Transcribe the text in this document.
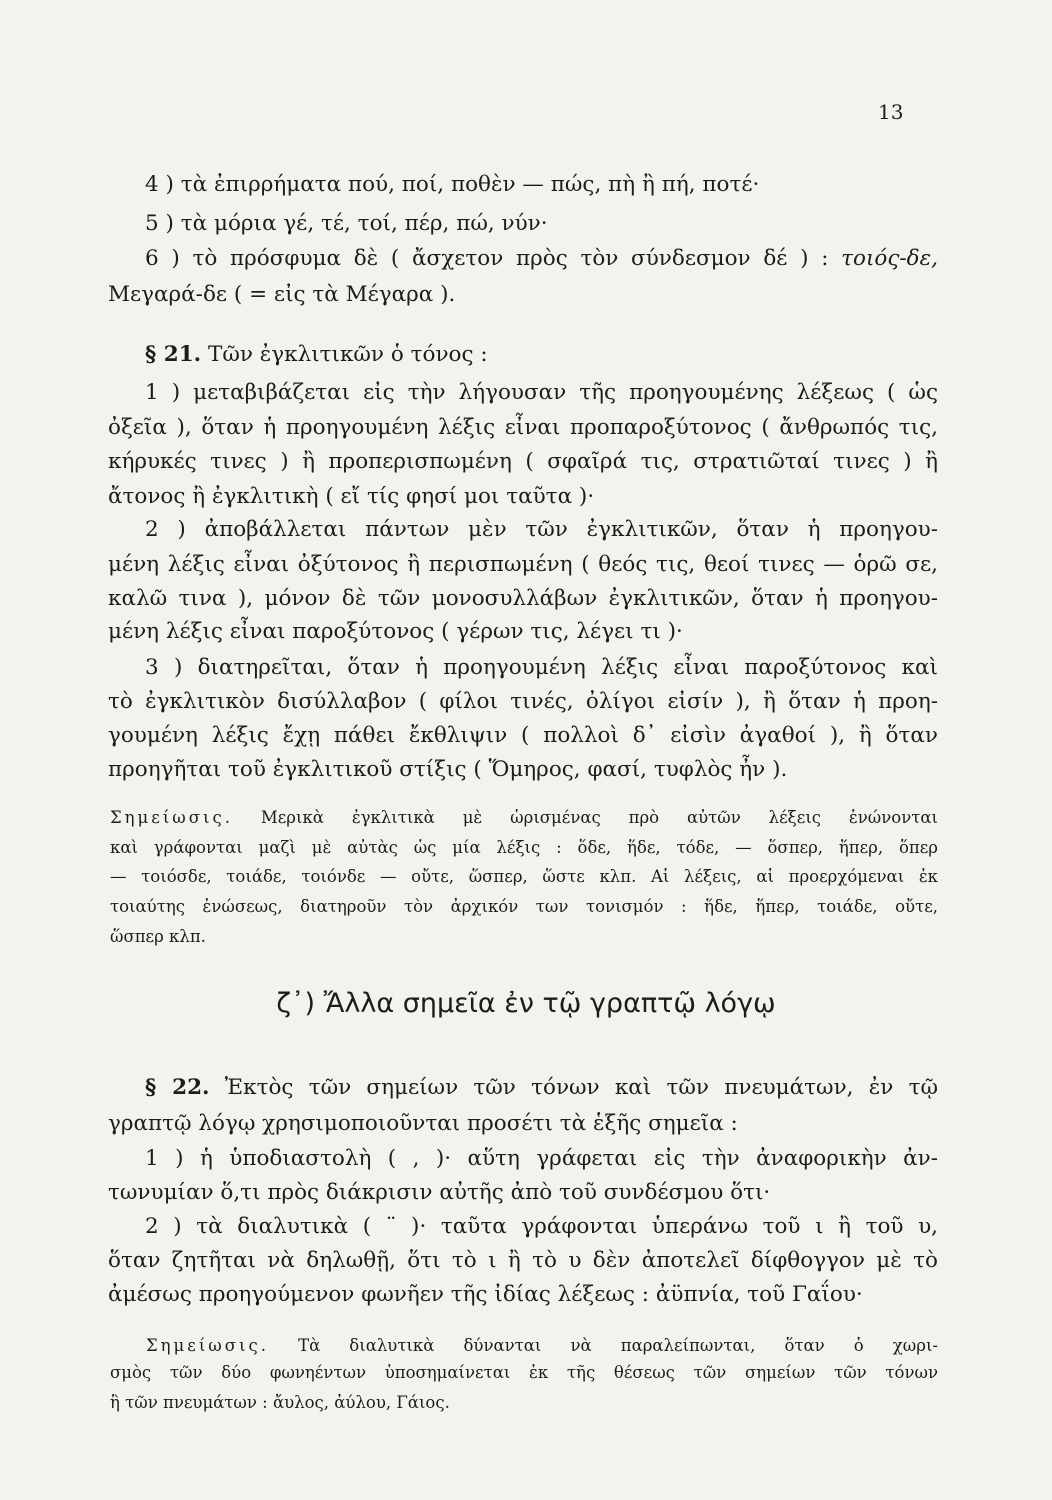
13
4 ) τὰ ἐπιρρήματα πού, ποί, ποθὲν — πώς, πὴ ἢ πή, ποτέ·
5 ) τὰ μόρια γέ, τέ, τοί, πέρ, πώ, νύν·
6 ) τὸ πρόσφυμα δὲ ( ἄσχετον πρὸς τὸν σύνδεσμον δέ ) : τοιός-δε,
Μεγαρά-δε ( = εἰς τὰ Μέγαρα ).
§ 21. Τῶν ἐγκλιτικῶν ὁ τόνος :
1 ) μεταβιβάζεται εἰς τὴν λήγουσαν τῆς προηγουμένης λέξεως ( ὡς
ὀξεῖα ), ὅταν ἡ προηγουμένη λέξις εἶναι προπαροξύτονος ( ἄνθρωπός τις,
κήρυκές τινες ) ἢ προπερισπωμένη ( σφαῖρά τις, στρατιῶταί τινες ) ἢ
ἄτονος ἢ ἐγκλιτικὴ ( εἴ τίς φησί μοι ταῦτα )·
2 ) ἀποβάλλεται πάντων μὲν τῶν ἐγκλιτικῶν, ὅταν ἡ προηγου-
μένη λέξις εἶναι ὀξύτονος ἢ περισπωμένη ( θεός τις, θεοί τινες — ὁρῶ σε,
καλῶ τινα ), μόνον δὲ τῶν μονοσυλλάβων ἐγκλιτικῶν, ὅταν ἡ προηγου-
μένη λέξις εἶναι παροξύτονος ( γέρων τις, λέγει τι )·
3 ) διατηρεῖται, ὅταν ἡ προηγουμένη λέξις εἶναι παροξύτονος καὶ
τὸ ἐγκλιτικὸν δισύλλαβον ( φίλοι τινές, ὀλίγοι εἰσίν ), ἢ ὅταν ἡ προη-
γουμένη λέξις ἔχῃ πάθει ἔκθλιψιν ( πολλοὶ δ᾽ εἰσὶν ἀγαθοί ), ἢ ὅταν
προηγῆται τοῦ ἐγκλιτικοῦ στίξις ( Ὅμηρος, φασί, τυφλὸς ἦν ).
Σημείωσις. Μερικὰ ἐγκλιτικὰ μὲ ὡρισμένας πρὸ αὐτῶν λέξεις ἑνώνονται
καὶ γράφονται μαζὶ μὲ αὐτὰς ὡς μία λέξις : ὅδε, ἥδε, τόδε, — ὅσπερ, ἥπερ, ὅπερ
— τοιόσδε, τοιάδε, τοιόνδε — οὔτε, ὥσπερ, ὥστε κλπ. Αἱ λέξεις, αἱ προερχόμεναι ἐκ
τοιαύτης ἑνώσεως, διατηροῦν τὸν ἀρχικόν των τονισμόν : ἥδε, ἥπερ, τοιάδε, οὔτε,
ὥσπερ κλπ.
ζ᾽) Ἄλλα σημεῖα ἐν τῷ γραπτῷ λόγῳ
§ 22. Ἐκτὸς τῶν σημείων τῶν τόνων καὶ τῶν πνευμάτων, ἐν τῷ
γραπτῷ λόγῳ χρησιμοποιοῦνται προσέτι τὰ ἑξῆς σημεῖα :
1 ) ἡ ὑποδιαστολὴ ( , )· αὕτη γράφεται εἰς τὴν ἀναφορικὴν ἀν-
τωνυμίαν ὅ,τι πρὸς διάκρισιν αὐτῆς ἀπὸ τοῦ συνδέσμου ὅτι·
2 ) τὰ διαλυτικὰ ( ¨ )· ταῦτα γράφονται ὑπεράνω τοῦ ι ἢ τοῦ υ,
ὅταν ζητῆται νὰ δηλωθῇ, ὅτι τὸ ι ἢ τὸ υ δὲν ἀποτελεῖ δίφθογγον μὲ τὸ
ἀμέσως προηγούμενον φωνῆεν τῆς ἰδίας λέξεως : ἀϋπνία, τοῦ Γαΐου·
Σημείωσις. Τὰ διαλυτικὰ δύνανται νὰ παραλείπωνται, ὅταν ὁ χωρι-
σμὸς τῶν δύο φωνηέντων ὑποσημαίνεται ἐκ τῆς θέσεως τῶν σημείων τῶν τόνων
ἢ τῶν πνευμάτων : ἄυλος, ἀύλου, Γάιος.
